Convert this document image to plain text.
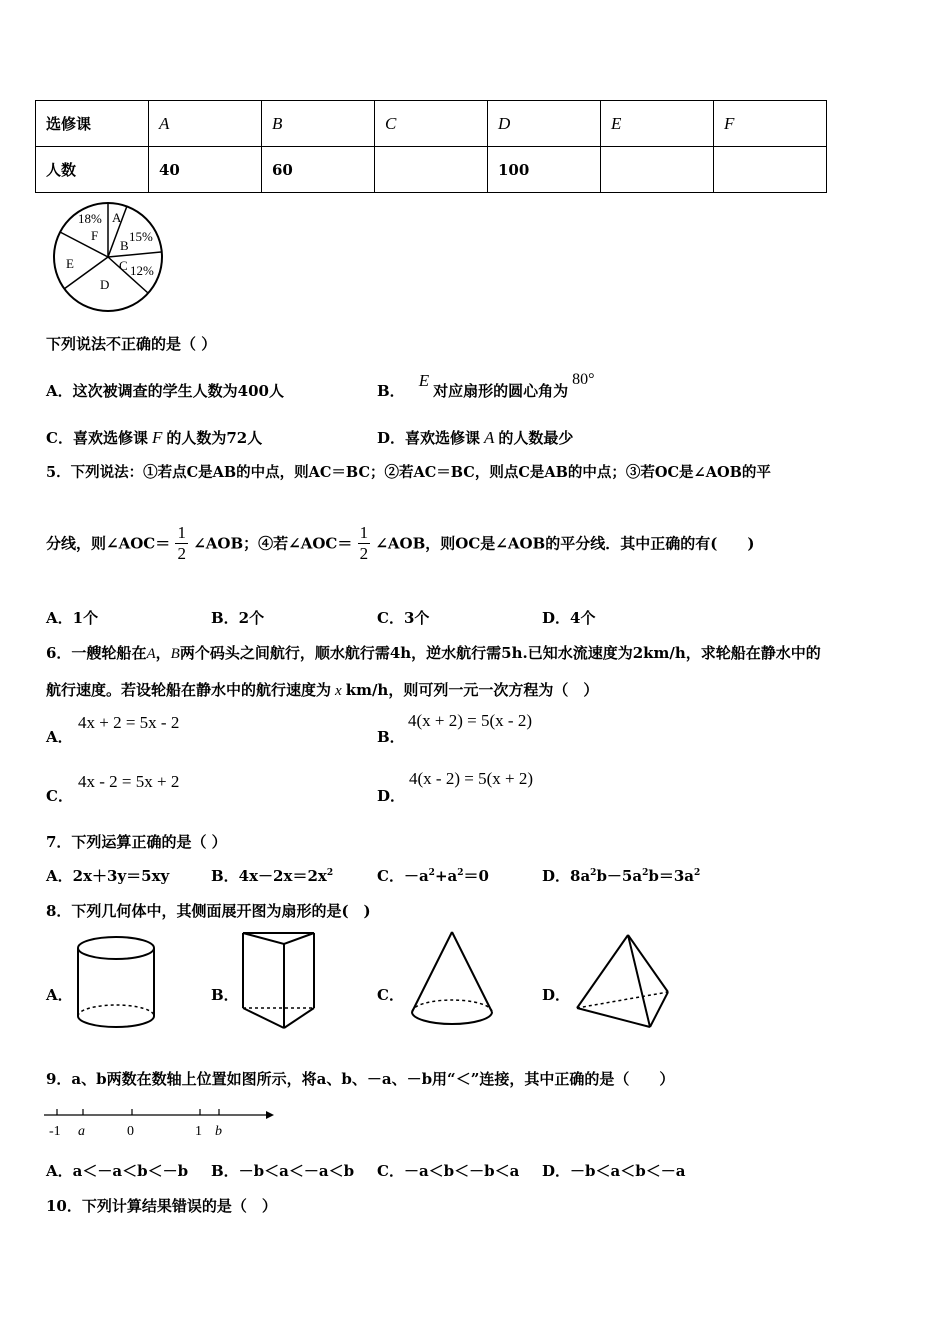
选修课	A	B	C	D	E	F
人数	40	60		100		
18%
F
A
B
15%
C 12%
D
E
下列说法不正确的是（ ）
A．这次被调查的学生人数为400人	B．E对应扇形的圆心角为80°
C．喜欢选修课 F 的人数为72人	D．喜欢选修课 A 的人数最少
5．下列说法：①若点C是AB的中点，则AC＝BC；②若AC＝BC，则点C是AB的中点；③若OC是∠AOB的平
分线，则∠AOC＝ $\frac{1}{2}$ ∠AOB；④若∠AOC＝ $\frac{1}{2}$ ∠AOB，则OC是∠AOB的平分线．其中正确的有(　　)
A．1个	B．2个	C．3个	D．4个
6．一艘轮船在A，B两个码头之间航行，顺水航行需4h，逆水航行需5h.已知水流速度为2km/h，求轮船在静水中的
航行速度。若设轮船在静水中的航行速度为 x km/h，则可列一元一次方程为（　）
A．
4x + 2 = 5x - 2
B．
4(x + 2) = 5(x - 2)
C．
4x - 2 = 5x + 2
D．
4(x - 2) = 5(x + 2)
7．下列运算正确的是（ ）
A．2x＋3y＝5xy	B．$4x-2x=2x^2$	C．$-a^2+a^2=0$	D．$8a^2b-5a^2b=3a^2$
8．下列几何体中，其侧面展开图为扇形的是(　)
A．	B．	C．	D．
9．a、b两数在数轴上位置如图所示，将a、b、－a、－b用“＜”连接，其中正确的是（　　）
-1 a	0	1 b
A．a＜－a＜b＜－b B．－b＜a＜－a＜b C．－a＜b＜－b＜a D．－b＜a＜b＜－a
10．下列计算结果错误的是（　）
